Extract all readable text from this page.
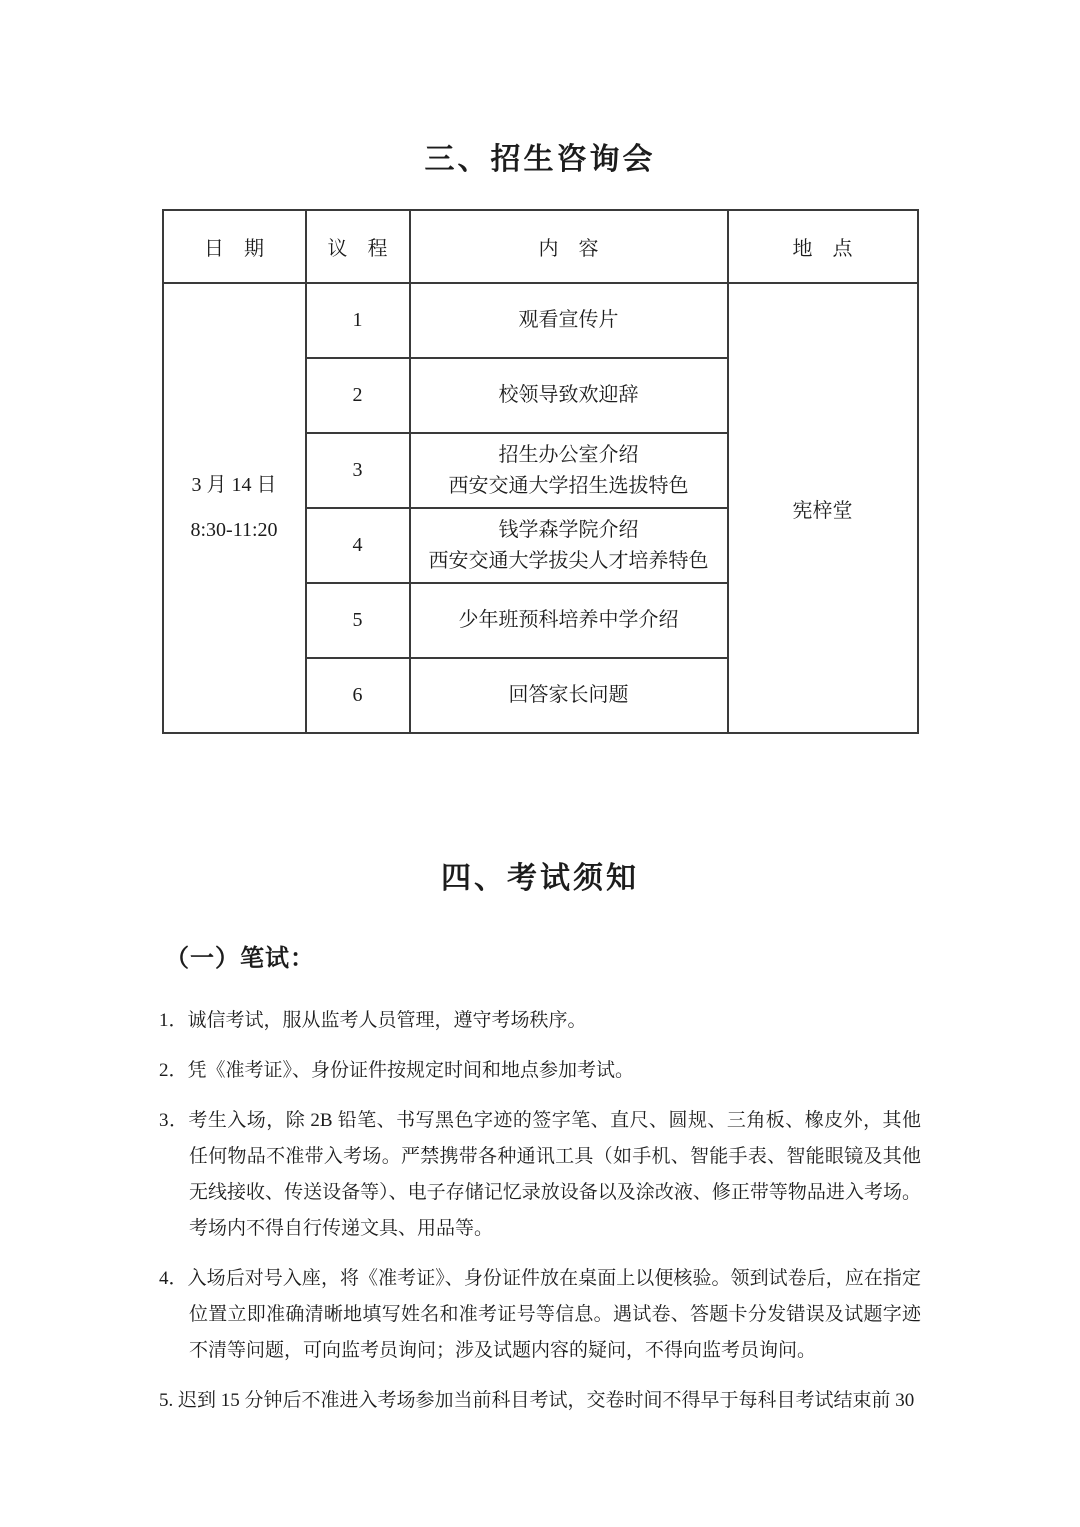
三、招生咨询会
日　期	议　程	内　容	地　点

3 月 14 日
8:30-11:20	1	观看宣传片	宪梓堂
	2	校领导致欢迎辞	

	3	招生办公室介绍
西安交通大学招生选拔特色	

	4	钱学森学院介绍
西安交通大学拔尖人才培养特色	

	5	少年班预科培养中学介绍	

	6	回答家长问题	
四、考试须知
（一）笔试：
1．诚信考试，服从监考人员管理，遵守考场秩序。
2．凭《准考证》、身份证件按规定时间和地点参加考试。
3．考生入场，除 2B 铅笔、书写黑色字迹的签字笔、直尺、圆规、三角板、橡皮外，其他任何物品不准带入考场。严禁携带各种通讯工具（如手机、智能手表、智能眼镜及其他无线接收、传送设备等）、电子存储记忆录放设备以及涂改液、修正带等物品进入考场。考场内不得自行传递文具、用品等。
4．入场后对号入座，将《准考证》、身份证件放在桌面上以便核验。领到试卷后，应在指定位置立即准确清晰地填写姓名和准考证号等信息。遇试卷、答题卡分发错误及试题字迹不清等问题，可向监考员询问；涉及试题内容的疑问，不得向监考员询问。
5. 迟到 15 分钟后不准进入考场参加当前科目考试，交卷时间不得早于每科目考试结束前 30
